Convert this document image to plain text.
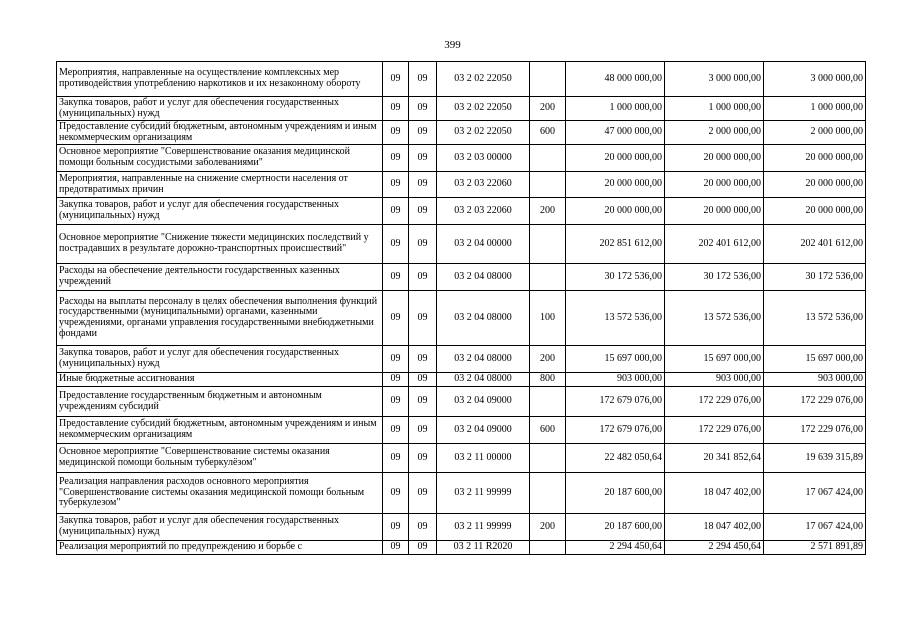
399
Мероприятия, направленные на осуществление комплексных мер противодействия употреблению наркотиков и их незаконному обороту	09	09	03 2 02 22050		48 000 000,00	3 000 000,00	3 000 000,00
Закупка товаров, работ и услуг для обеспечения государственных (муниципальных) нужд	09	09	03 2 02 22050	200	1 000 000,00	1 000 000,00	1 000 000,00
Предоставление субсидий бюджетным, автономным учреждениям и иным некоммерческим организациям	09	09	03 2 02 22050	600	47 000 000,00	2 000 000,00	2 000 000,00
Основное мероприятие "Совершенствование оказания медицинской помощи больным сосудистыми заболеваниями"	09	09	03 2 03 00000		20 000 000,00	20 000 000,00	20 000 000,00
Мероприятия, направленные на снижение смертности населения от предотвратимых причин	09	09	03 2 03 22060		20 000 000,00	20 000 000,00	20 000 000,00
Закупка товаров, работ и услуг для обеспечения государственных (муниципальных) нужд	09	09	03 2 03 22060	200	20 000 000,00	20 000 000,00	20 000 000,00
Основное мероприятие "Снижение тяжести медицинских последствий у пострадавших в результате дорожно-транспортных происшествий"	09	09	03 2 04 00000		202 851 612,00	202 401 612,00	202 401 612,00
Расходы на обеспечение деятельности государственных казенных учреждений	09	09	03 2 04 08000		30 172 536,00	30 172 536,00	30 172 536,00
Расходы на выплаты персоналу в целях обеспечения выполнения функций государственными (муниципальными) органами, казенными учреждениями, органами управления государственными внебюджетными фондами	09	09	03 2 04 08000	100	13 572 536,00	13 572 536,00	13 572 536,00
Закупка товаров, работ и услуг для обеспечения государственных (муниципальных) нужд	09	09	03 2 04 08000	200	15 697 000,00	15 697 000,00	15 697 000,00
Иные бюджетные ассигнования	09	09	03 2 04 08000	800	903 000,00	903 000,00	903 000,00
Предоставление государственным бюджетным и автономным учреждениям субсидий	09	09	03 2 04 09000		172 679 076,00	172 229 076,00	172 229 076,00
Предоставление субсидий бюджетным, автономным учреждениям и иным некоммерческим организациям	09	09	03 2 04 09000	600	172 679 076,00	172 229 076,00	172 229 076,00
Основное мероприятие "Совершенствование системы оказания медицинской помощи больным туберкулёзом"	09	09	03 2 11 00000		22 482 050,64	20 341 852,64	19 639 315,89
Реализация направления расходов основного мероприятия "Совершенствование системы оказания медицинской помощи больным туберкулезом"	09	09	03 2 11 99999		20 187 600,00	18 047 402,00	17 067 424,00
Закупка товаров, работ и услуг для обеспечения государственных (муниципальных) нужд	09	09	03 2 11 99999	200	20 187 600,00	18 047 402,00	17 067 424,00
Реализация мероприятий по предупреждению и борьбе с	09	09	03 2 11 R2020		2 294 450,64	2 294 450,64	2 571 891,89
